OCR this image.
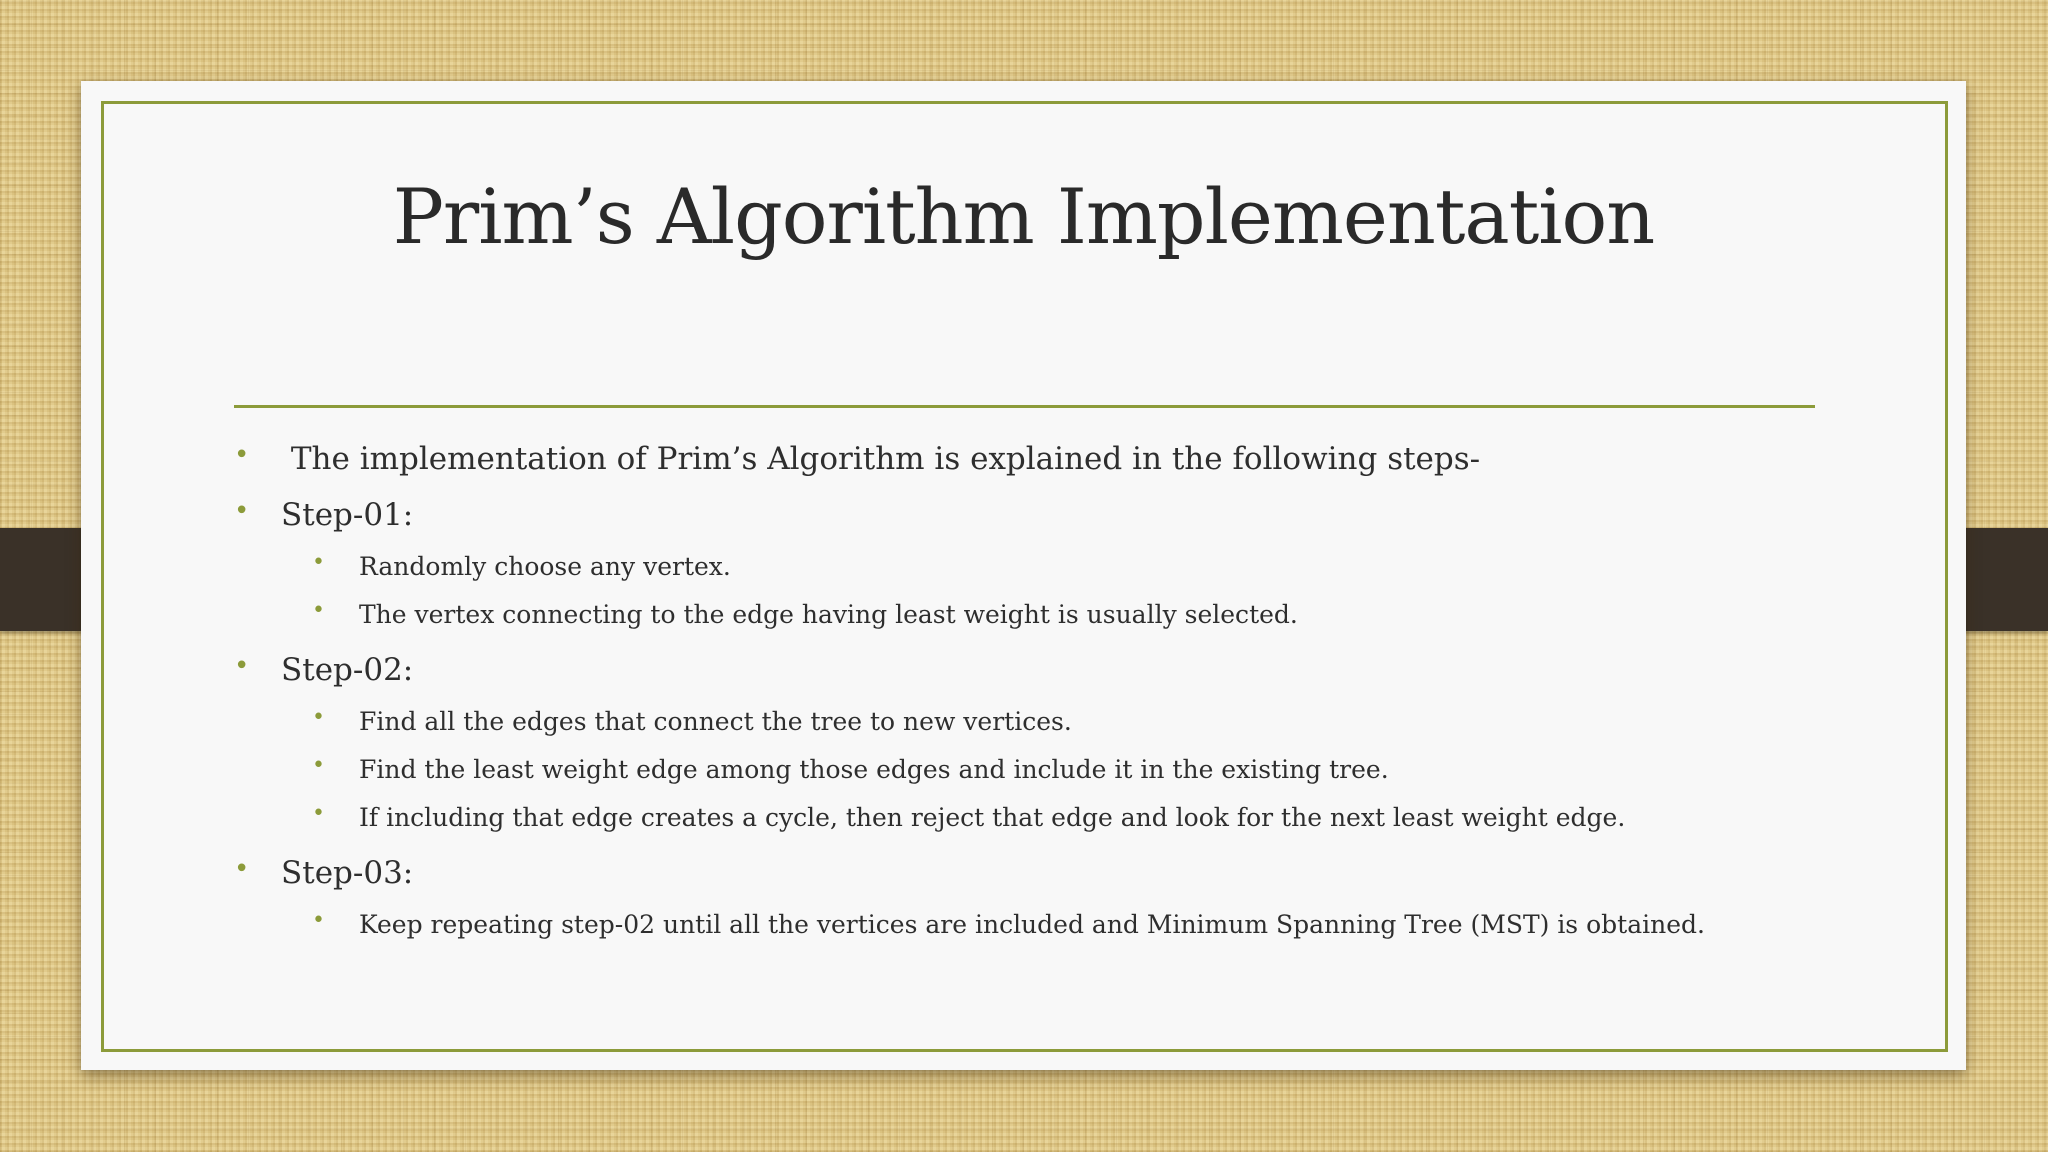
Prim’s Algorithm Implementation
• The implementation of Prim’s Algorithm is explained in the following steps-
• Step-01:
• Randomly choose any vertex.
• The vertex connecting to the edge having least weight is usually selected.
• Step-02:
• Find all the edges that connect the tree to new vertices.
• Find the least weight edge among those edges and include it in the existing tree.
• If including that edge creates a cycle, then reject that edge and look for the next least weight edge.
• Step-03:
• Keep repeating step-02 until all the vertices are included and Minimum Spanning Tree (MST) is obtained.
